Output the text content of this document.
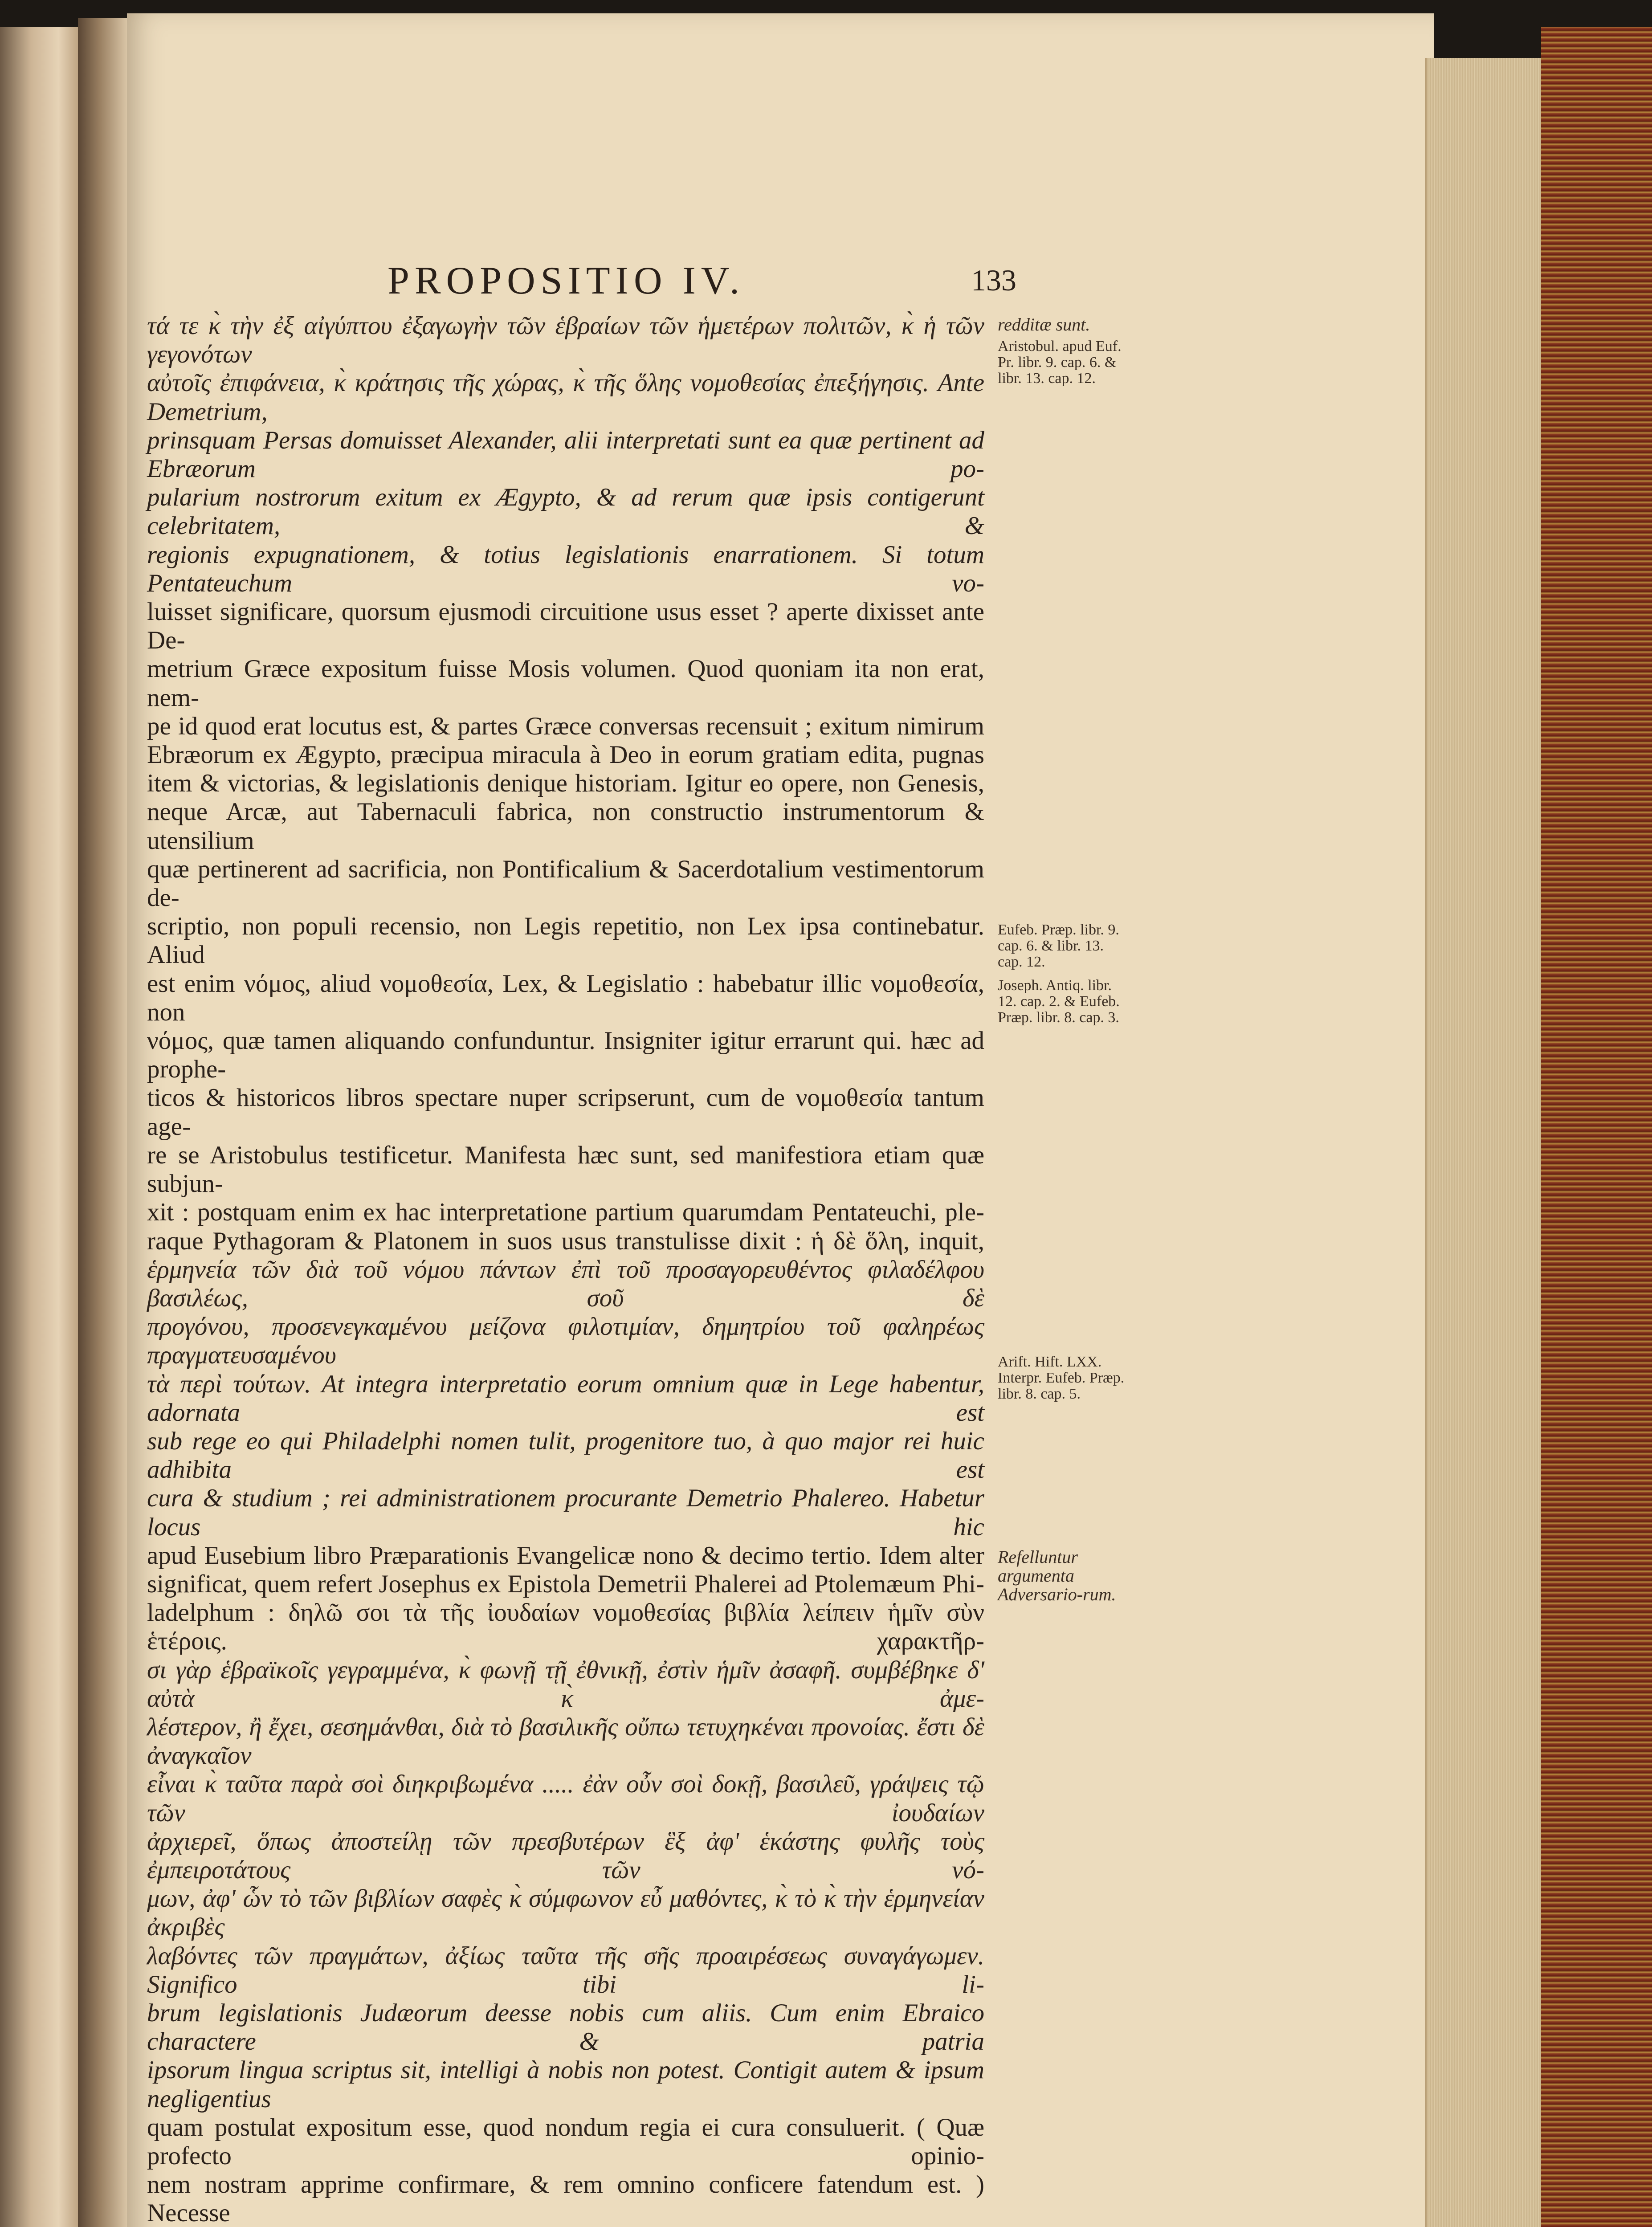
PROPOSITIO IV.	133
τά τε κ̀ τὴν ἐξ αἰγύπτου ἐξαγωγὴν τῶν ἑβραίων τῶν ἡμετέρων πολιτῶν, κ̀ ἡ τῶν γεγονότων
αὐτοῖς ἐπιφάνεια, κ̀ κράτησις τῆς χώρας, κ̀ τῆς ὅλης νομοθεσίας ἐπεξήγησις. Ante Demetrium,
prinsquam Persas domuisset Alexander, alii interpretati sunt ea quæ pertinent ad Ebræorum po-
pularium nostrorum exitum ex Ægypto, & ad rerum quæ ipsis contigerunt celebritatem, &
regionis expugnationem, & totius legislationis enarrationem. Si totum Pentateuchum vo-
luisset significare, quorsum ejusmodi circuitione usus esset ? aperte dixisset ante De-
metrium Græce expositum fuisse Mosis volumen. Quod quoniam ita non erat, nem-
pe id quod erat locutus est, & partes Græce conversas recensuit ; exitum nimirum
Ebræorum ex Ægypto, præcipua miracula à Deo in eorum gratiam edita, pugnas
item & victorias, & legislationis denique historiam. Igitur eo opere, non Genesis,
neque Arcæ, aut Tabernaculi fabrica, non constructio instrumentorum & utensilium
quæ pertinerent ad sacrificia, non Pontificalium & Sacerdotalium vestimentorum de-
scriptio, non populi recensio, non Legis repetitio, non Lex ipsa continebatur. Aliud
est enim νόμος, aliud νομοθεσία, Lex, & Legislatio : habebatur illic νομοθεσία, non
νόμος, quæ tamen aliquando confunduntur. Insigniter igitur errarunt qui. hæc ad prophe-
ticos & historicos libros spectare nuper scripserunt, cum de νομοθεσία tantum age-
re se Aristobulus testificetur. Manifesta hæc sunt, sed manifestiora etiam quæ subjun-
xit : postquam enim ex hac interpretatione partium quarumdam Pentateuchi, ple-
raque Pythagoram & Platonem in suos usus transtulisse dixit : ἡ δὲ ὅλη, inquit,
ἑρμηνεία τῶν διὰ τοῦ νόμου πάντων ἐπὶ τοῦ προσαγορευθέντος φιλαδέλφου βασιλέως, σοῦ δὲ
προγόνου, προσενεγκαμένου μείζονα φιλοτιμίαν, δημητρίου τοῦ φαληρέως πραγματευσαμένου
τὰ περὶ τούτων. At integra interpretatio eorum omnium quæ in Lege habentur, adornata est
sub rege eo qui Philadelphi nomen tulit, progenitore tuo, à quo major rei huic adhibita est
cura & studium ; rei administrationem procurante Demetrio Phalereo. Habetur locus hic
apud Eusebium libro Præparationis Evangelicæ nono & decimo tertio. Idem alter
significat, quem refert Josephus ex Epistola Demetrii Phalerei ad Ptolemæum Phi-
ladelphum : δηλῶ σοι τὰ τῆς ἰουδαίων νομοθεσίας βιβλία λείπειν ἡμῖν σὺν ἑτέροις. χαρακτῆρ-
σι γὰρ ἑβραϊκοῖς γεγραμμένα, κ̀ φωνῇ τῇ ἐθνικῇ, ἐστὶν ἡμῖν ἀσαφῆ. συμβέβηκε δ' αὐτὰ κ̀ ἀμε-
λέστερον, ἢ ἔχει, σεσημάνθαι, διὰ τὸ βασιλικῆς οὔπω τετυχηκέναι προνοίας. ἔστι δὲ ἀναγκαῖον
εἶναι κ̀ ταῦτα παρὰ σοὶ διηκριβωμένα ..... ἐὰν οὖν σοὶ δοκῇ, βασιλεῦ, γράψεις τῷ τῶν ἰουδαίων
ἀρχιερεῖ, ὅπως ἀποστείλῃ τῶν πρεσβυτέρων ἓξ ἀφ' ἑκάστης φυλῆς τοὺς ἐμπειροτάτους τῶν νό-
μων, ἀφ' ὧν τὸ τῶν βιβλίων σαφὲς κ̀ σύμφωνον εὖ μαθόντες, κ̀ τὸ κ̀ τὴν ἑρμηνείαν ἀκριβὲς
λαβόντες τῶν πραγμάτων, ἀξίως ταῦτα τῆς σῆς προαιρέσεως συναγάγωμεν. Significo tibi li-
brum legislationis Judæorum deesse nobis cum aliis. Cum enim Ebraico charactere & patria
ipsorum lingua scriptus sit, intelligi à nobis non potest. Contigit autem & ipsum negligentius
quam postulat expositum esse, quod nondum regia ei cura consuluerit. ( Quæ profecto opinio-
nem nostram apprime confirmare, & rem omnino conficere fatendum est. ) Necesse
redditæ sunt.
Aristobul. apud Euf. Pr. libr. 9. cap. 6. & libr. 13. cap. 12.
Eufeb. Præp. libr. 9. cap. 6. & libr. 13. cap. 12.
Joseph. Antiq. libr. 12. cap. 2. & Eufeb. Præp. libr. 8. cap. 3.
Arift. Hift. LXX. Interpr. Eufeb. Præp. libr. 8. cap. 5.
Refelluntur argumenta Adversario-rum.
